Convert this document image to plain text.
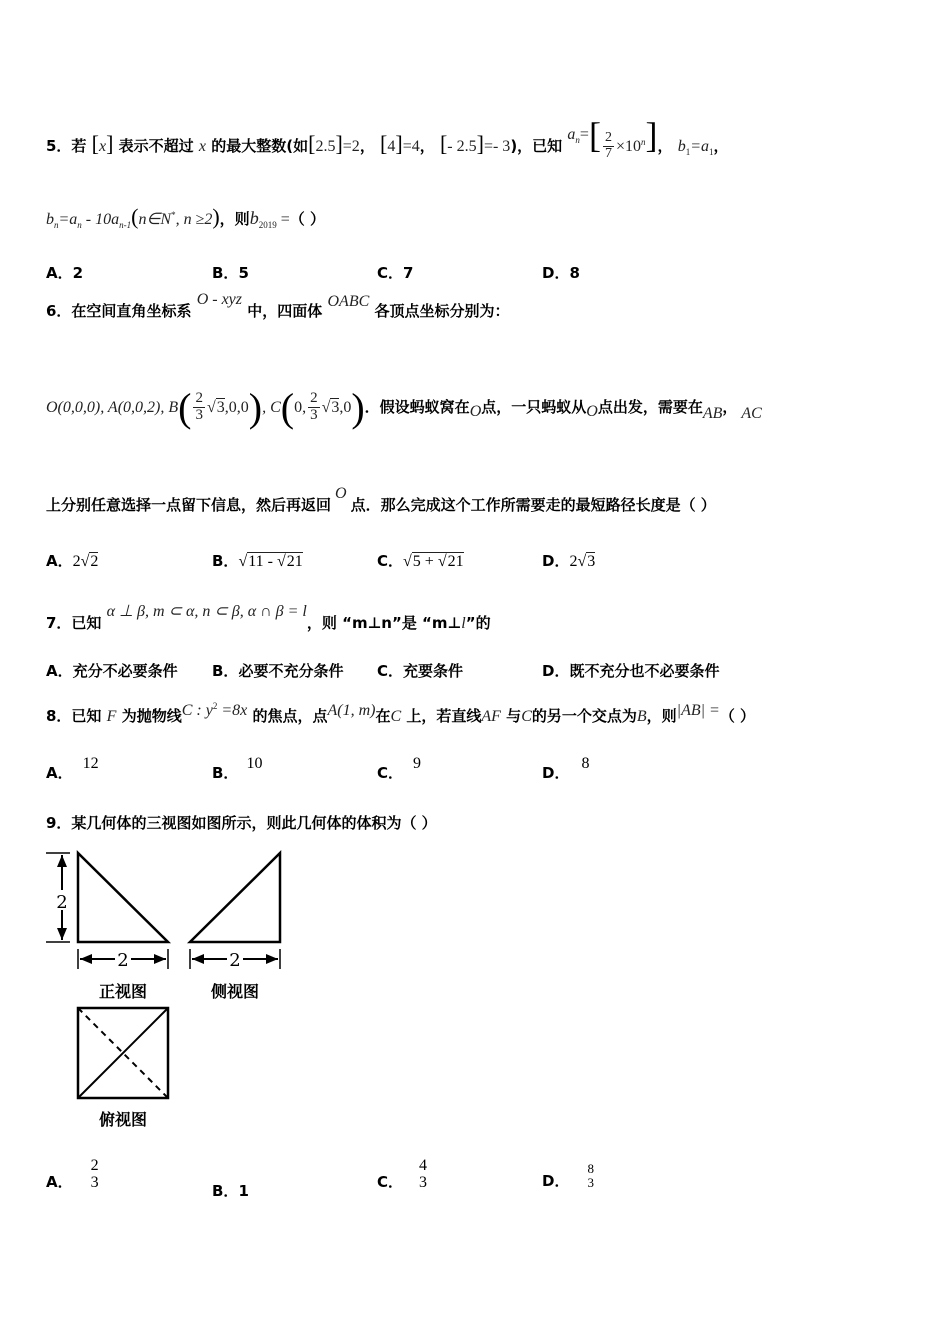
5．若 [x] 表示不超过 x 的最大整数(如[2.5]=2， [4]=4， [- 2.5]=- 3)，已知 $a_n=[ \frac{2}{7} \times 10^n]$， $b_1=a_1$，
$b_n=a_n$ - $10a_{n-1}(n\in N^*$, n ≥2)，则$b_{2019}$ =（ ）
A．2	B．5	C．7	D．8
6．在空间直角坐标系 O - xyz 中，四面体 OABC 各顶点坐标分别为：
O(0,0,0), A(0,0,2), $B( \frac{2}{3} √3,0,0)$, C(0, $\frac{2}{3} √3,0$)．假设蚂蚁窝在O点，一只蚂蚁从O点出发，需要在AB， AC
上分别任意选择一点留下信息，然后再返回O点．那么完成这个工作所需要走的最短路径长度是（ ）
A．2√2	B．√11 - √21	C．√5 + √21	D．2√3
7．已知 α ⊥ β, m ⊂ α, n ⊂ β, α ∩ β = l，则 “m⊥n”是 “m⊥l”的
A．充分不必要条件 B．必要不充分条件 C．充要条件	D．既不充分也不必要条件
8．已知 F 为抛物线C : $y^2 =8x$ 的焦点，点A(1, m)在C 上，若直线AF 与C的另一个交点为B，则|AB| =（ ）
A．12
B．10
C．9
D．8
9．某几何体的三视图如图所示，则此几何体的体积为（ ）
2
2	2
正视图	侧视图
俯视图
A．
2
3	B．1	C．
4
3	D．
8
3
